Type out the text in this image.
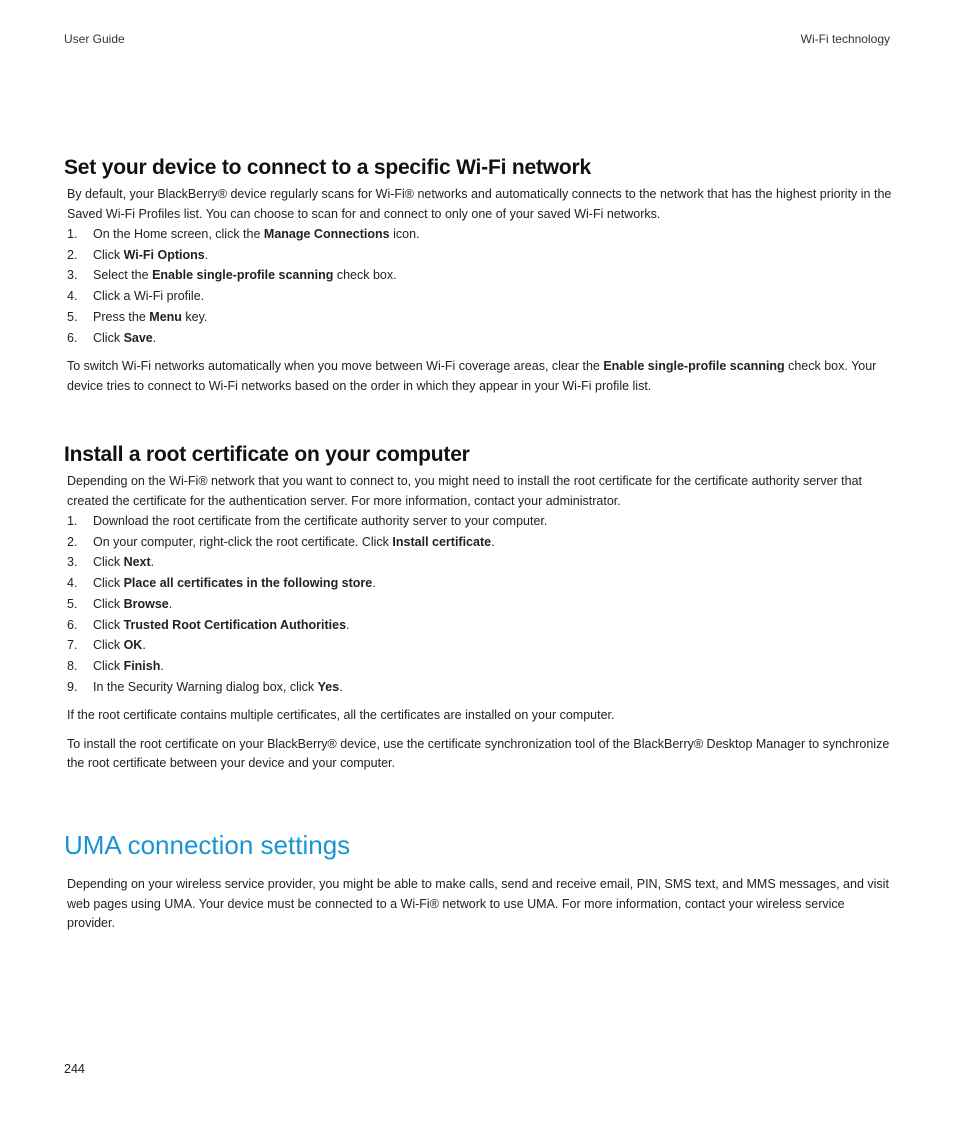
User Guide	Wi-Fi technology
Set your device to connect to a specific Wi-Fi network

By default, your BlackBerry® device regularly scans for Wi-Fi® networks and automatically connects to the network that has the highest priority in the Saved Wi-Fi Profiles list. You can choose to scan for and connect to only one of your saved Wi-Fi networks.

1.	On the Home screen, click the Manage Connections icon.
2.	Click Wi-Fi Options.
3.	Select the Enable single-profile scanning check box.
4.	Click a Wi-Fi profile.
5.	Press the Menu key.
6.	Click Save.

To switch Wi-Fi networks automatically when you move between Wi-Fi coverage areas, clear the Enable single-profile scanning check box. Your device tries to connect to Wi-Fi networks based on the order in which they appear in your Wi-Fi profile list.

Install a root certificate on your computer

Depending on the Wi-Fi® network that you want to connect to, you might need to install the root certificate for the certificate authority server that created the certificate for the authentication server. For more information, contact your administrator.

1.	Download the root certificate from the certificate authority server to your computer.
2.	On your computer, right-click the root certificate. Click Install certificate.
3.	Click Next.
4.	Click Place all certificates in the following store.
5.	Click Browse.
6.	Click Trusted Root Certification Authorities.
7.	Click OK.
8.	Click Finish.
9.	In the Security Warning dialog box, click Yes.

If the root certificate contains multiple certificates, all the certificates are installed on your computer.

To install the root certificate on your BlackBerry® device, use the certificate synchronization tool of the BlackBerry® Desktop Manager to synchronize the root certificate between your device and your computer.

UMA connection settings

Depending on your wireless service provider, you might be able to make calls, send and receive email, PIN, SMS text, and MMS messages, and visit web pages using UMA. Your device must be connected to a Wi-Fi® network to use UMA. For more information, contact your wireless service provider.

244
